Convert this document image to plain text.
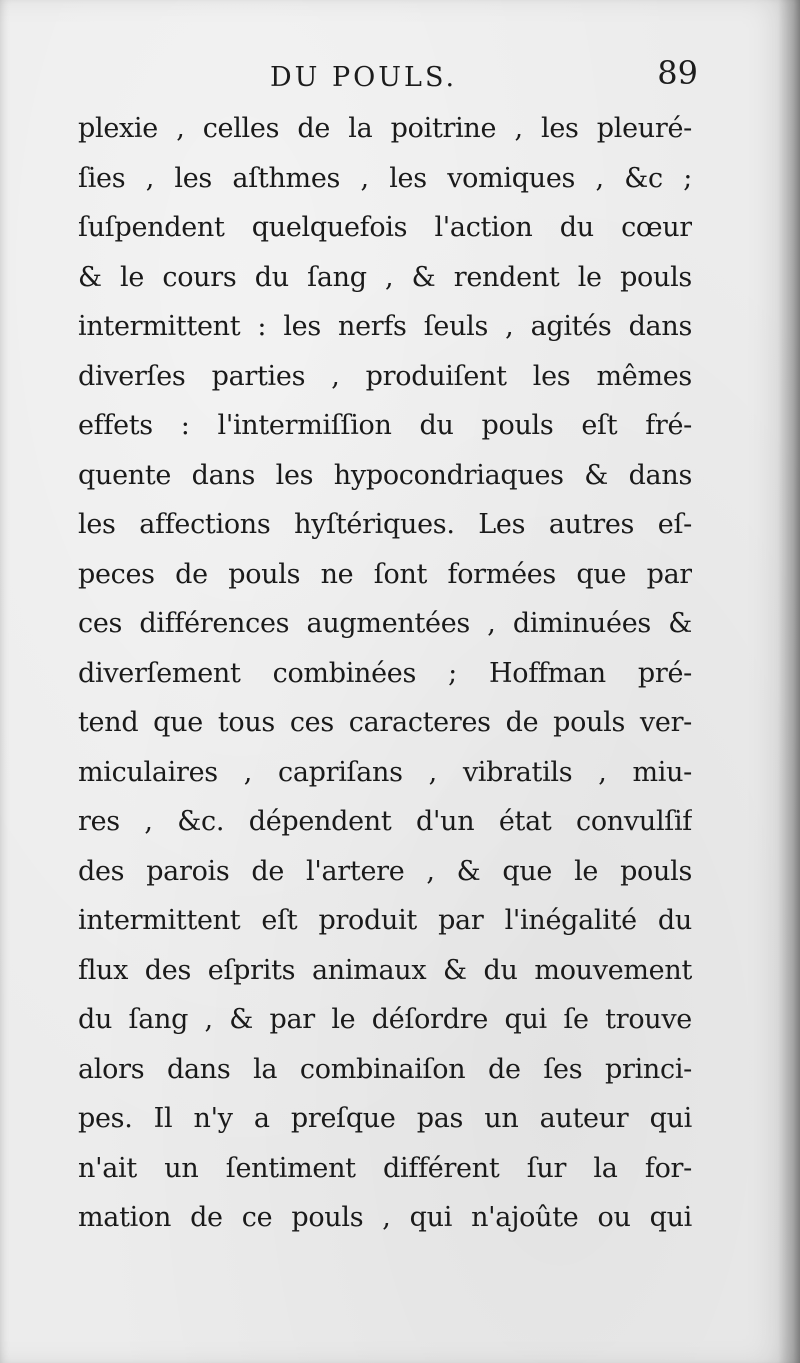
DU POULS.	89
plexie , celles de la poitrine , les pleuré-
ſies , les aſthmes , les vomiques , &c ;
ſuſpendent quelquefois l'action du cœur
& le cours du ſang , & rendent le pouls
intermittent : les nerfs ſeuls , agités dans
diverſes parties , produiſent les mêmes
effets : l'intermiſſion du pouls eſt fré-
quente dans les hypocondriaques & dans
les affections hyſtériques. Les autres eſ-
peces de pouls ne ſont formées que par
ces différences augmentées , diminuées &
diverſement combinées ; Hoffman pré-
tend que tous ces caracteres de pouls ver-
miculaires , capriſans , vibratils , miu-
res , &c. dépendent d'un état convulſif
des parois de l'artere , & que le pouls
intermittent eſt produit par l'inégalité du
flux des eſprits animaux & du mouvement
du ſang , & par le déſordre qui ſe trouve
alors dans la combinaiſon de ſes princi-
pes. Il n'y a preſque pas un auteur qui
n'ait un ſentiment différent ſur la for-
mation de ce pouls , qui n'ajoûte ou qui
